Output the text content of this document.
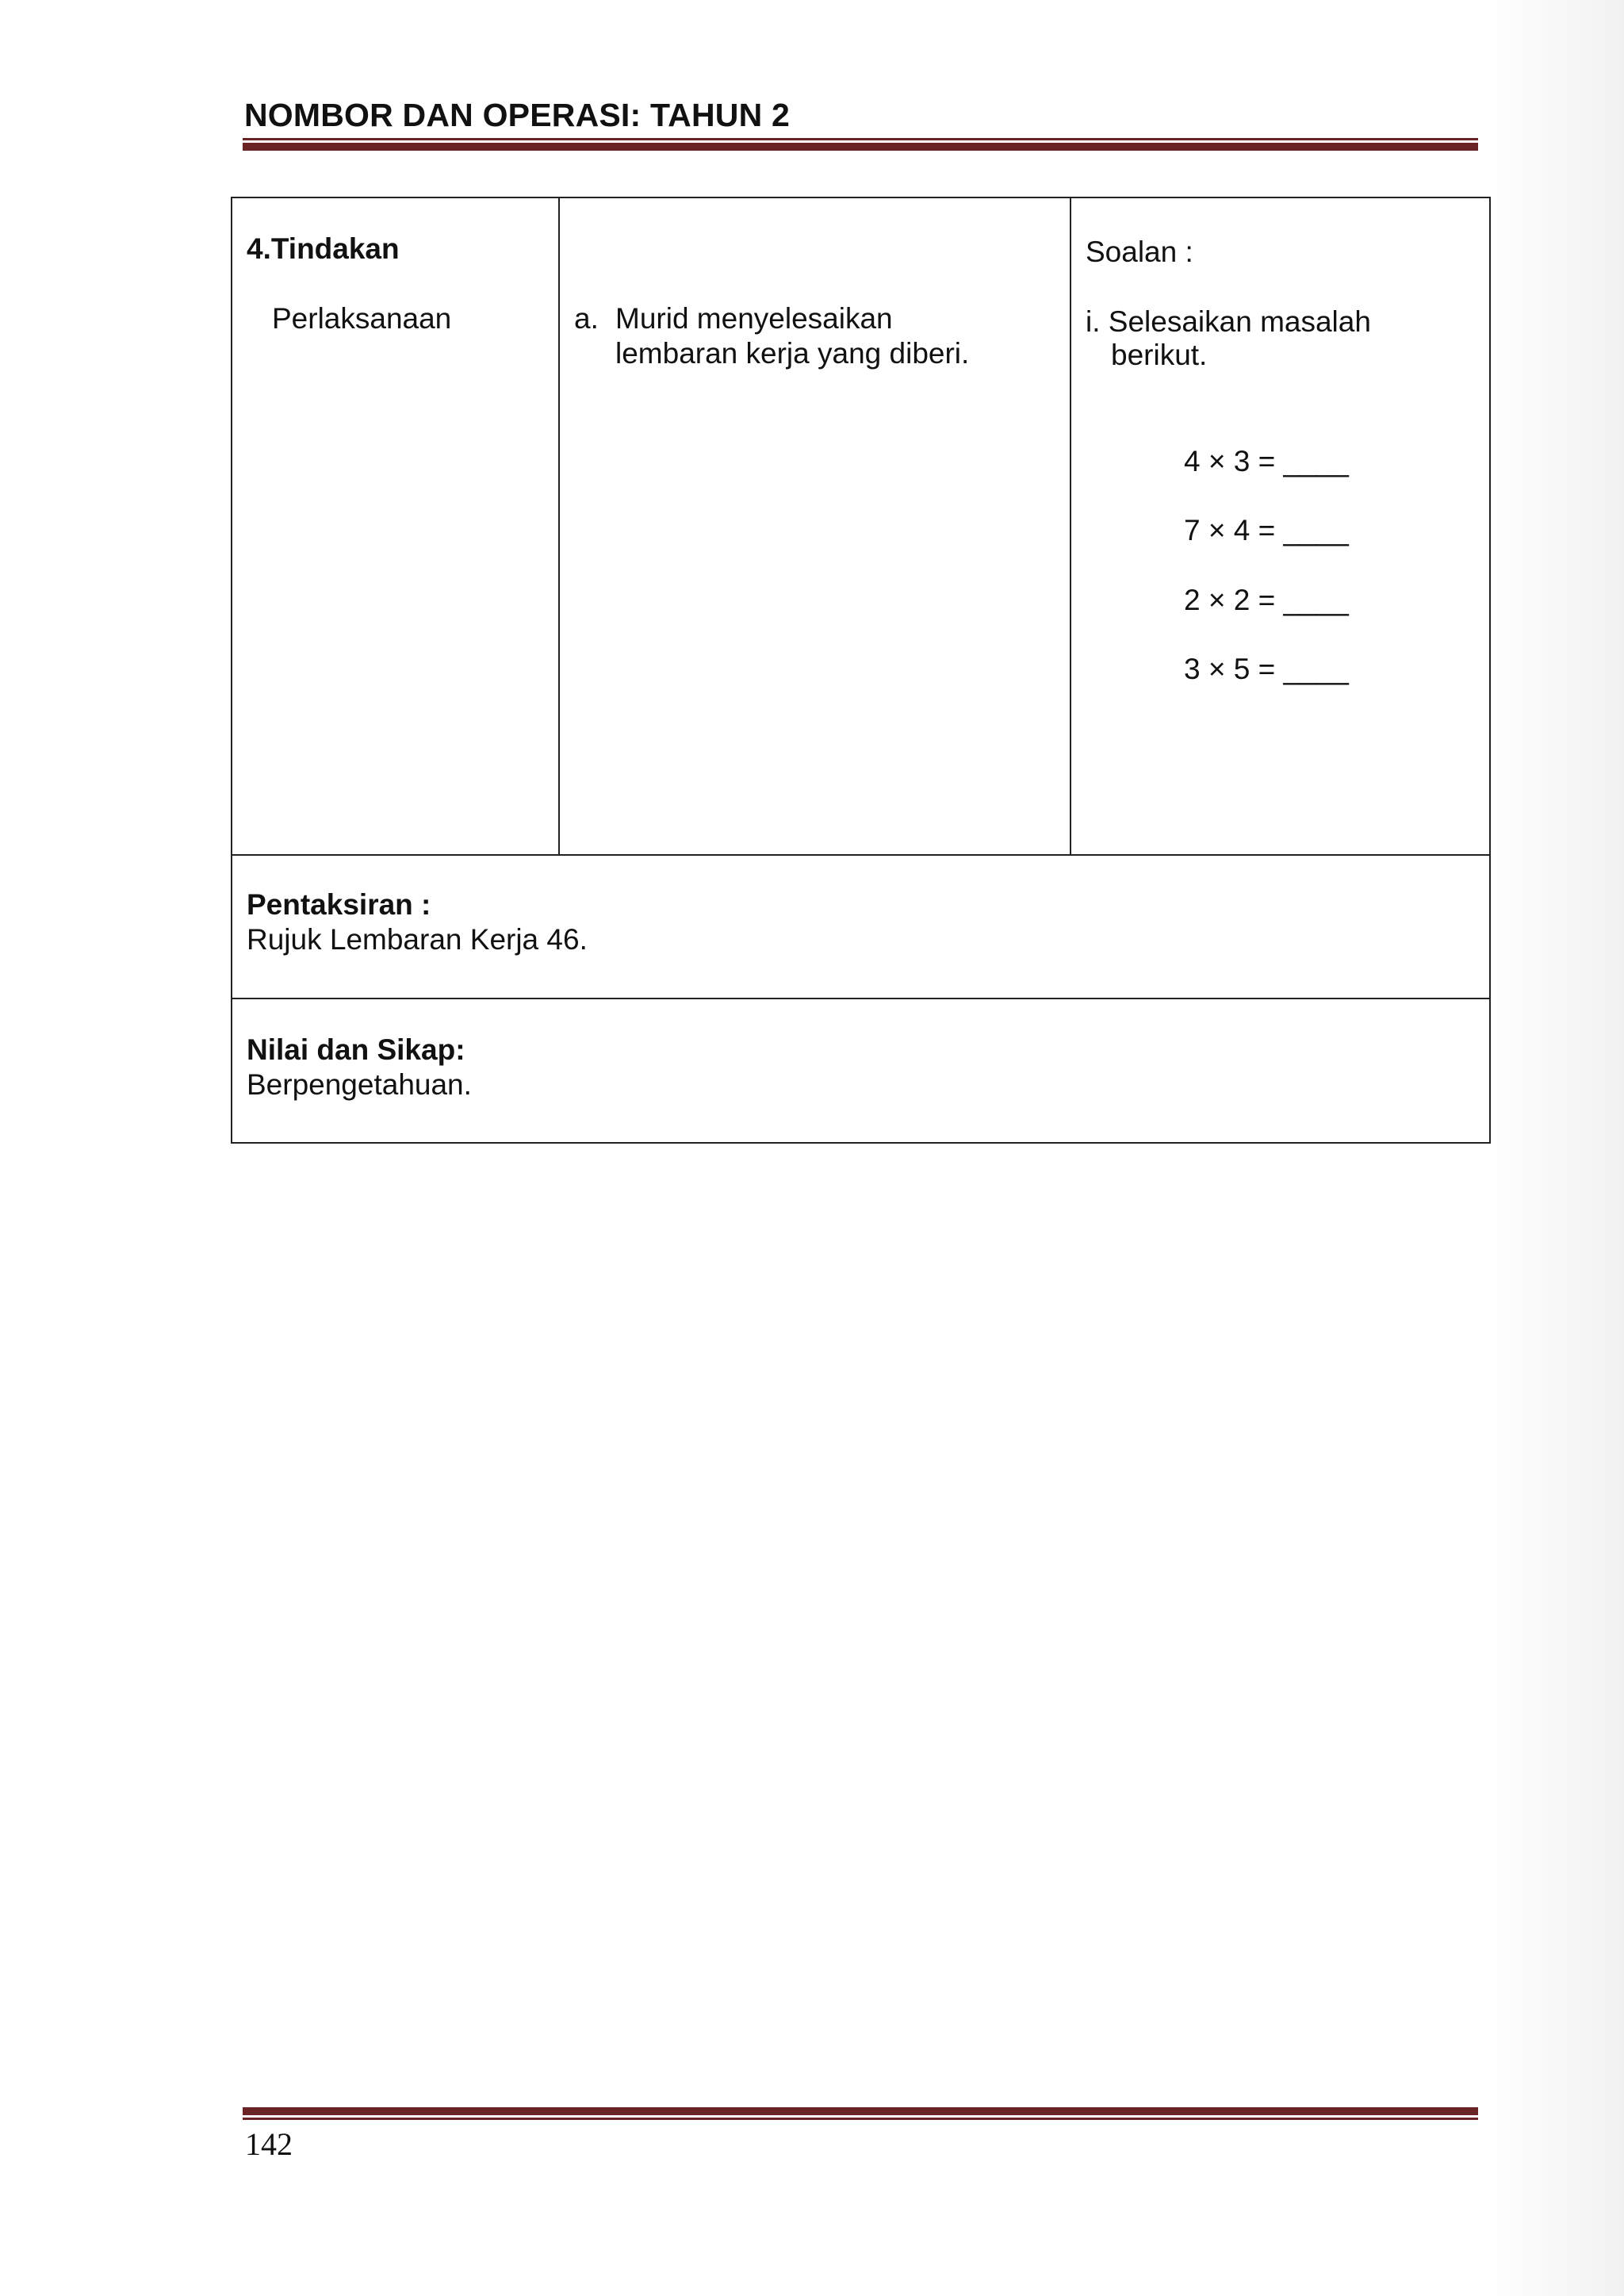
NOMBOR DAN OPERASI: TAHUN 2
4.Tindakan
Perlaksanaan	a. Murid menyelesaikan
lembaran kerja yang diberi.
Soalan :
i. Selesaikan masalah
berikut.
4 × 3 = ____
7 × 4 = ____
2 × 2 = ____
3 × 5 = ____
Pentaksiran :
Rujuk Lembaran Kerja 46.
Nilai dan Sikap:
Berpengetahuan.
142
